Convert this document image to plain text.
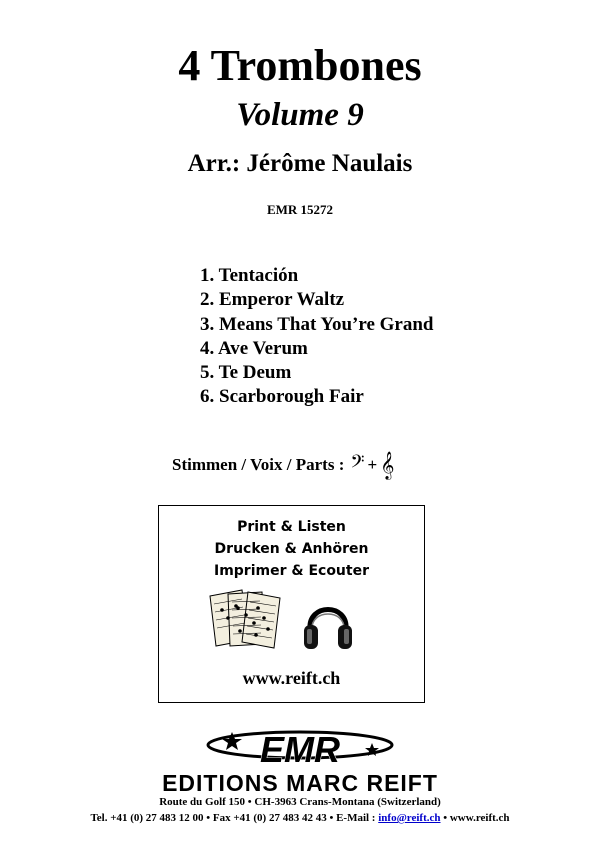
4 Trombones
Volume 9
Arr.: Jérôme Naulais
EMR 15272
1. Tentación
2. Emperor Waltz
3. Means That You’re Grand
4. Ave Verum
5. Te Deum
6. Scarborough Fair
Stimmen / Voix / Parts : 𝄢 + 𝄞
Print & Listen
Drucken & Anhören
Imprimer & Ecouter
www.reift.ch
EMR
EDITIONS MARC REIFT
Route du Golf 150 • CH-3963 Crans-Montana (Switzerland)
Tel. +41 (0) 27 483 12 00 • Fax +41 (0) 27 483 42 43 • E-Mail : info@reift.ch • www.reift.ch
